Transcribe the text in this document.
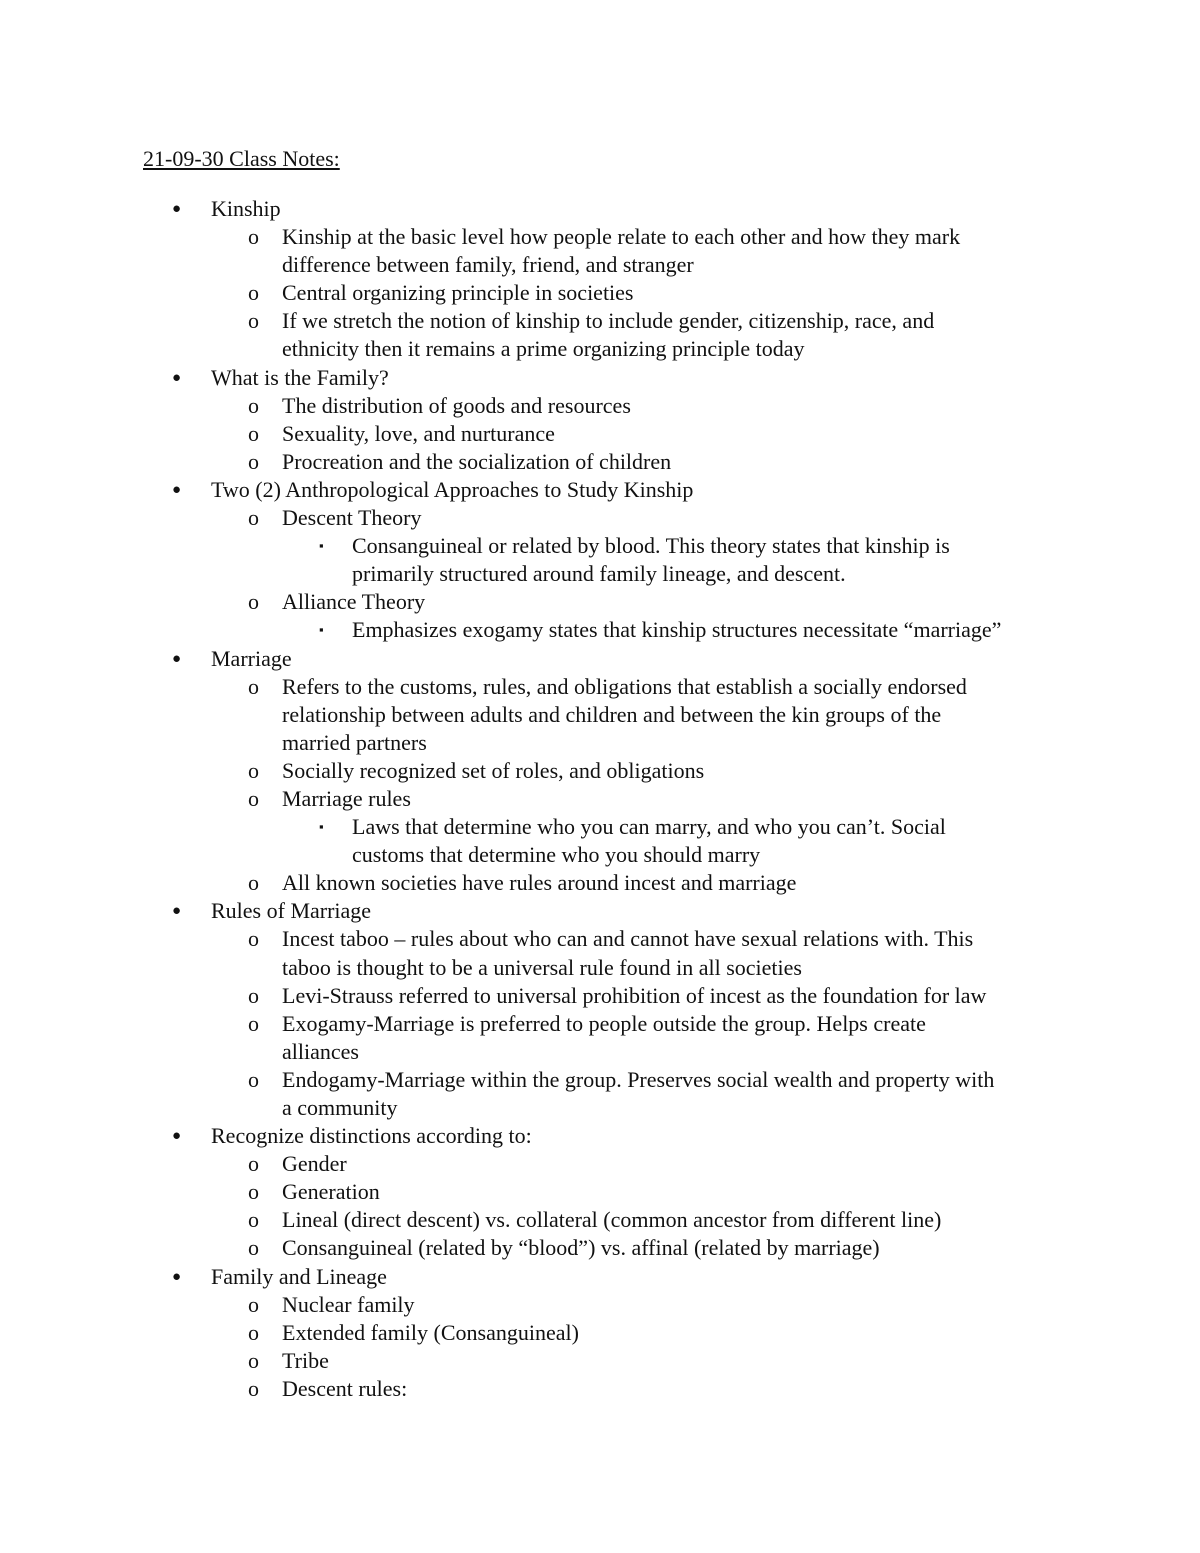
21-09-30 Class Notes:
● Kinship
o Kinship at the basic level how people relate to each other and how they mark
difference between family, friend, and stranger
o Central organizing principle in societies
o If we stretch the notion of kinship to include gender, citizenship, race, and
ethnicity then it remains a prime organizing principle today
● What is the Family?
o The distribution of goods and resources
o Sexuality, love, and nurturance
o Procreation and the socialization of children
● Two (2) Anthropological Approaches to Study Kinship
o Descent Theory
▪ Consanguineal or related by blood. This theory states that kinship is
primarily structured around family lineage, and descent.
o Alliance Theory
▪ Emphasizes exogamy states that kinship structures necessitate “marriage”
● Marriage
o Refers to the customs, rules, and obligations that establish a socially endorsed
relationship between adults and children and between the kin groups of the
married partners
o Socially recognized set of roles, and obligations
o Marriage rules
▪ Laws that determine who you can marry, and who you can’t. Social
customs that determine who you should marry
o All known societies have rules around incest and marriage
● Rules of Marriage
o Incest taboo – rules about who can and cannot have sexual relations with. This
taboo is thought to be a universal rule found in all societies
o Levi-Strauss referred to universal prohibition of incest as the foundation for law
o Exogamy-Marriage is preferred to people outside the group. Helps create
alliances
o Endogamy-Marriage within the group. Preserves social wealth and property with
a community
● Recognize distinctions according to:
o Gender
o Generation
o Lineal (direct descent) vs. collateral (common ancestor from different line)
o Consanguineal (related by “blood”) vs. affinal (related by marriage)
● Family and Lineage
o Nuclear family
o Extended family (Consanguineal)
o Tribe
o Descent rules:
